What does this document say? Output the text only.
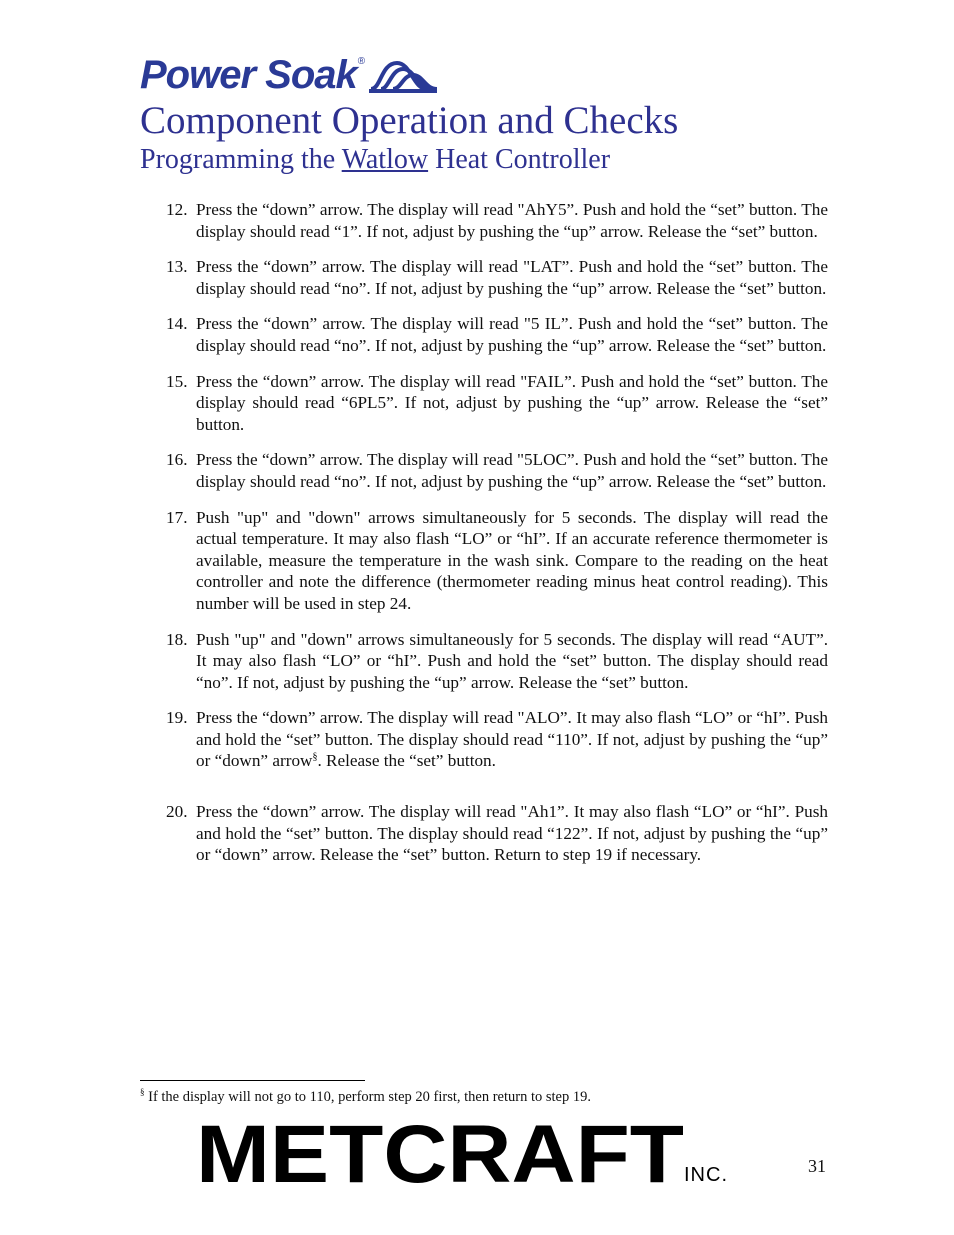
Power Soak ®
Component Operation and Checks
Programming the Watlow Heat Controller
12. Press the “down” arrow. The display will read "AhY5”. Push and hold the “set” button. The display should read “1”. If not, adjust by pushing the “up” arrow. Release the “set” button.
13. Press the “down” arrow. The display will read "LAT”. Push and hold the “set” button. The display should read “no”. If not, adjust by pushing the “up” arrow. Release the “set” button.
14. Press the “down” arrow. The display will read "5 IL”. Push and hold the “set” button. The display should read “no”. If not, adjust by pushing the “up” arrow. Release the “set” button.
15. Press the “down” arrow. The display will read "FAIL”. Push and hold the “set” button. The display should read “6PL5”. If not, adjust by pushing the “up” arrow. Release the “set” button.
16. Press the “down” arrow. The display will read "5LOC”. Push and hold the “set” button. The display should read “no”. If not, adjust by pushing the “up” arrow. Release the “set” button.
17. Push "up" and "down" arrows simultaneously for 5 seconds. The display will read the actual temperature. It may also flash “LO” or “hI”. If an accurate reference thermometer is available, measure the temperature in the wash sink. Compare to the reading on the heat controller and note the difference (thermometer reading minus heat control reading). This number will be used in step 24.
18. Push "up" and "down" arrows simultaneously for 5 seconds. The display will read “AUT”. It may also flash “LO” or “hI”. Push and hold the “set” button. The display should read “no”. If not, adjust by pushing the “up” arrow. Release the “set” button.
19. Press the “down” arrow. The display will read "ALO”. It may also flash “LO” or “hI”. Push and hold the “set” button. The display should read “110”. If not, adjust by pushing the “up” or “down” arrow§. Release the “set” button.
20. Press the “down” arrow. The display will read "Ah1”. It may also flash “LO” or “hI”. Push and hold the “set” button. The display should read “122”. If not, adjust by pushing the “up” or “down” arrow. Release the “set” button. Return to step 19 if necessary.
§ If the display will not go to 110, perform step 20 first, then return to step 19.
METCRAFT INC.	31
